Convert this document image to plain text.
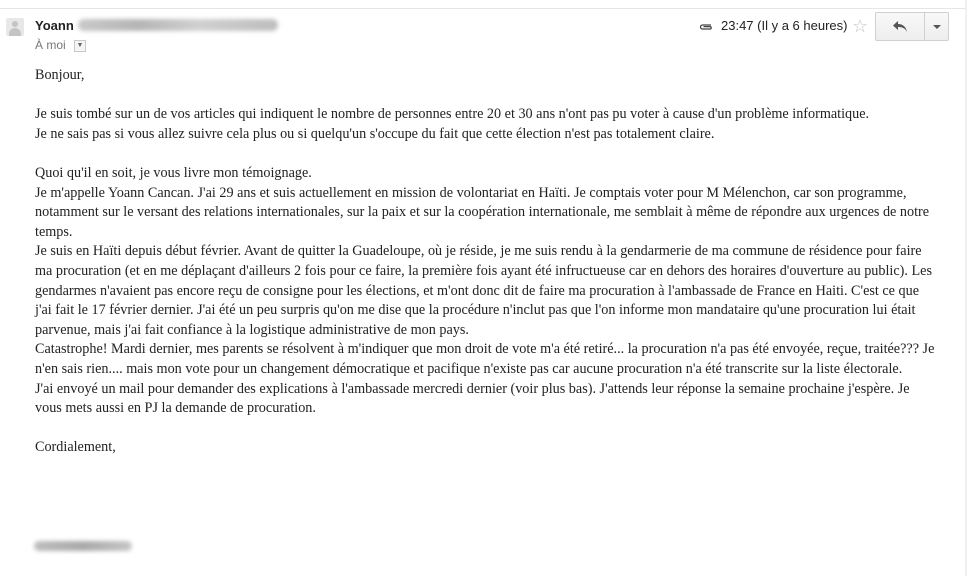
Yoann
À moi	▼
23:47 (Il y a 6 heures) ☆

Bonjour,

Je suis tombé sur un de vos articles qui indiquent le nombre de personnes entre 20 et 30 ans n'ont pas pu voter à cause d'un problème informatique.

Je ne sais pas si vous allez suivre cela plus ou si quelqu'un s'occupe du fait que cette élection n'est pas totalement claire.

Quoi qu'il en soit, je vous livre mon témoignage.

Je m'appelle Yoann Cancan. J'ai 29 ans et suis actuellement en mission de volontariat en Haïti. Je comptais voter pour M Mélenchon, car son programme, notamment sur le versant des relations internationales, sur la paix et sur la coopération internationale, me semblait à même de répondre aux urgences de notre temps.

Je suis en Haïti depuis début février. Avant de quitter la Guadeloupe, où je réside, je me suis rendu à la gendarmerie de ma commune de résidence pour faire ma procuration (et en me déplaçant d'ailleurs 2 fois pour ce faire, la première fois ayant été infructueuse car en dehors des horaires d'ouverture au public). Les gendarmes n'avaient pas encore reçu de consigne pour les élections, et m'ont donc dit de faire ma procuration à l'ambassade de France en Haiti. C'est ce que j'ai fait le 17 février dernier. J'ai été un peu surpris qu'on me dise que la procédure n'inclut pas que l'on informe mon mandataire qu'une procuration lui était parvenue, mais j'ai fait confiance à la logistique administrative de mon pays.

Catastrophe! Mardi dernier, mes parents se résolvent à m'indiquer que mon droit de vote m'a été retiré... la procuration n'a pas été envoyée, reçue, traitée??? Je n'en sais rien.... mais mon vote pour un changement démocratique et pacifique n'existe pas car aucune procuration n'a été transcrite sur la liste électorale.

J'ai envoyé un mail pour demander des explications à l'ambassade mercredi dernier (voir plus bas). J'attends leur réponse la semaine prochaine j'espère. Je vous mets aussi en PJ la demande de procuration.

Cordialement,
